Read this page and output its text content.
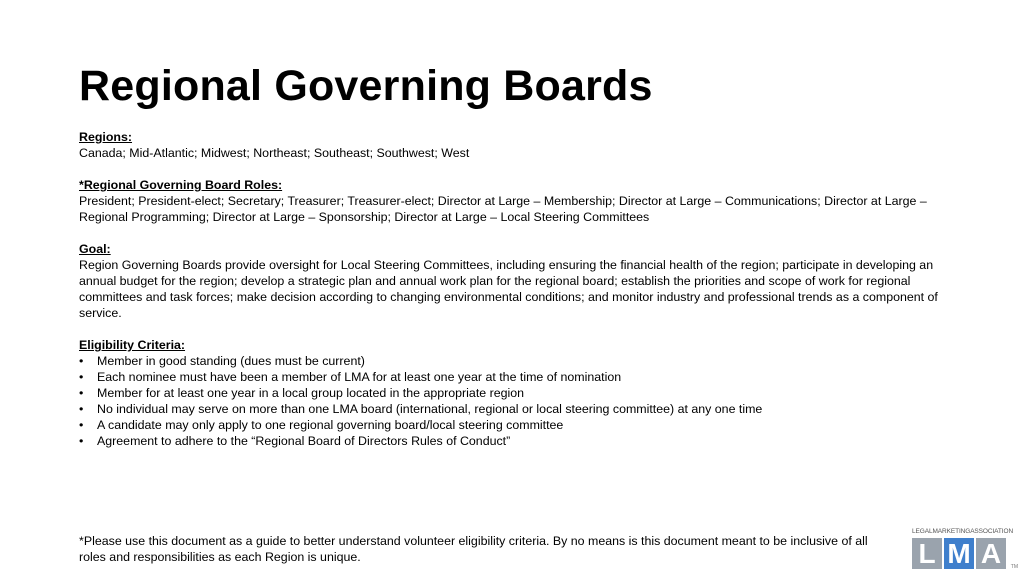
Regional Governing Boards
Regions:

Canada; Mid-Atlantic; Midwest; Northeast; Southeast; Southwest; West

*Regional Governing Board Roles:

President; President-elect; Secretary; Treasurer; Treasurer-elect; Director at Large – Membership; Director at Large – Communications; Director at Large – Regional Programming; Director at Large – Sponsorship; Director at Large – Local Steering Committees

Goal:

Region Governing Boards provide oversight for Local Steering Committees, including ensuring the financial health of the region; participate in developing an annual budget for the region; develop a strategic plan and annual work plan for the regional board; establish the priorities and scope of work for regional committees and task forces; make decision according to changing environmental conditions; and monitor industry and professional trends as a component of service.

Eligibility Criteria:
• Member in good standing (dues must be current)
• Each nominee must have been a member of LMA for at least one year at the time of nomination
• Member for at least one year in a local group located in the appropriate region
• No individual may serve on more than one LMA board (international, regional or local steering committee) at any one time
• A candidate may only apply to one regional governing board/local steering committee
• Agreement to adhere to the “Regional Board of Directors Rules of Conduct”
*Please use this document as a guide to better understand volunteer eligibility criteria. By no means is this document meant to be inclusive of all roles and responsibilities as each Region is unique.
LEGALMARKETINGASSOCIATION
L M A	TM
